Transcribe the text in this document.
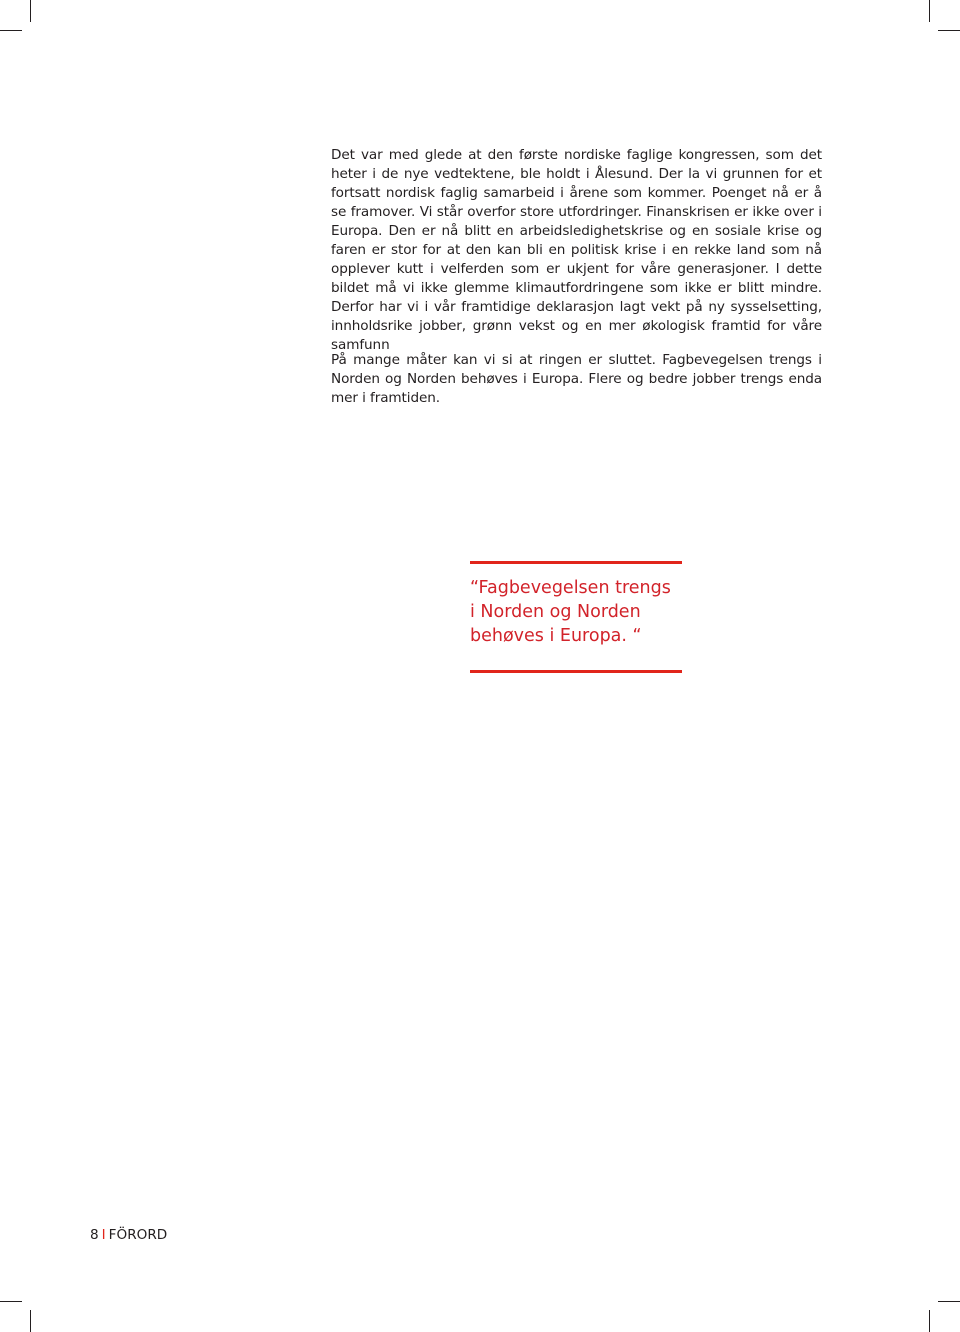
Det var med glede at den første nordiske faglige kongressen, som det heter i de nye vedtektene, ble holdt i Ålesund. Der la vi grunnen for et fortsatt nordisk faglig samarbeid i årene som kommer. Poenget nå er å se framover. Vi står overfor store utfordringer. Finanskrisen er ikke over i Europa. Den er nå blitt en arbeidsledighetskrise og en sosiale krise og faren er stor for at den kan bli en politisk krise i en rekke land som nå opplever kutt i velferden som er ukjent for våre generasjoner. I dette bildet må vi ikke glemme klimautfordringene som ikke er blitt mindre. Derfor har vi i vår framtidige deklarasjon lagt vekt på ny sysselsetting, innholdsrike jobber, grønn vekst og en mer økologisk framtid for våre samfunn

På mange måter kan vi si at ringen er sluttet. Fagbevegelsen trengs i Norden og Norden behøves i Europa. Flere og bedre jobber trengs enda mer i framtiden.

“Fagbevegelsen trengs
i Norden og Norden
behøves i Europa. “
8 I FÖRORD
